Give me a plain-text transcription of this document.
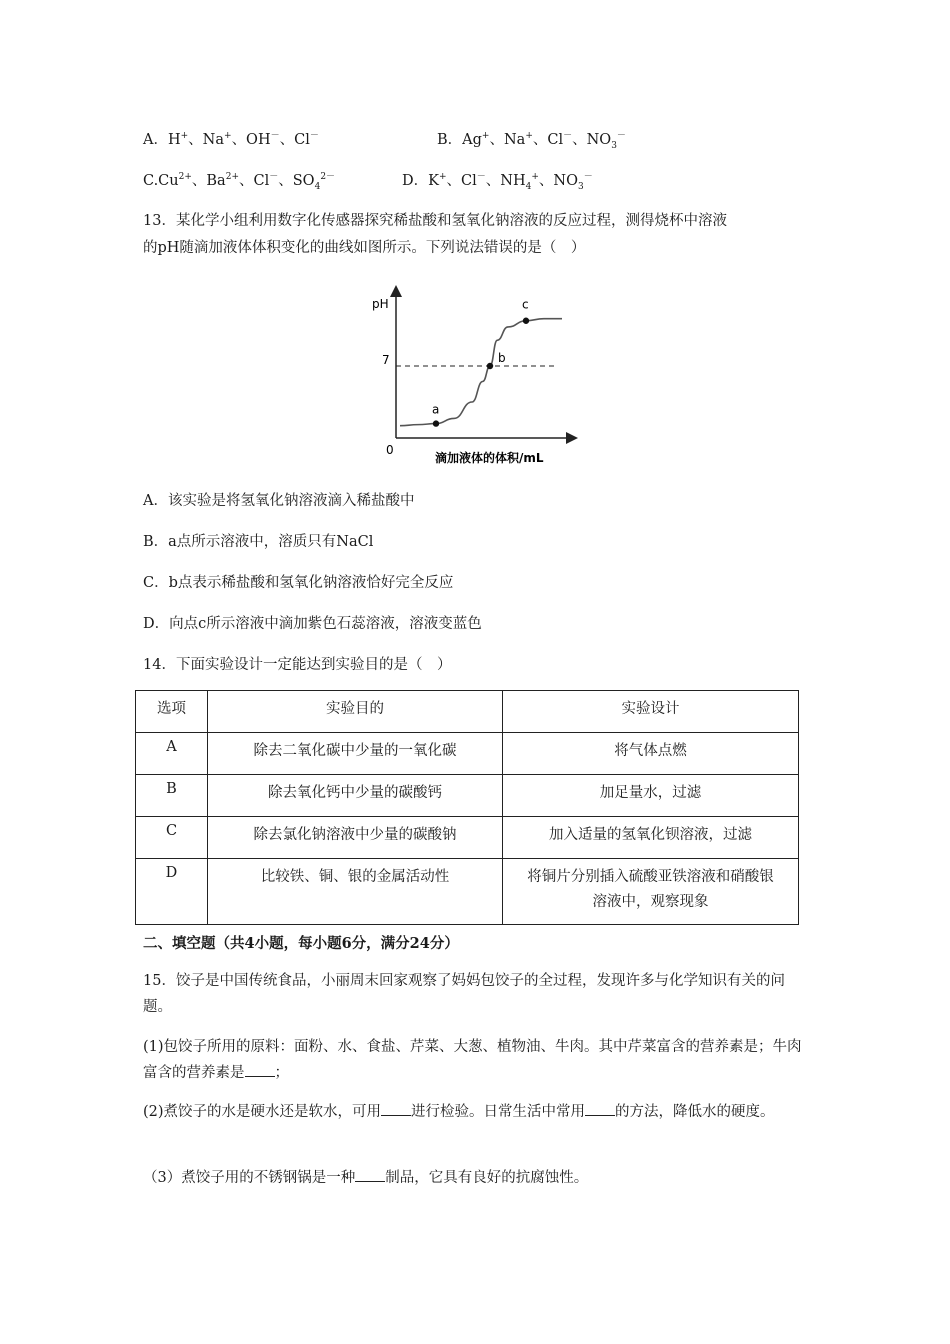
A．H+、Na+、OH－、Cl－	B．Ag+、Na+、Cl－、$NO_3^-$
$C.Cu^{2+}$、$Ba^{2+}$、Cl－、$SO_4^{2-}$	D．K+、Cl－、$NH_4^+$、$NO_3^-$
13．某化学小组利用数字化传感器探究稀盐酸和氢氧化钠溶液的反应过程，测得烧杯中溶液
的pH随滴加液体体积变化的曲线如图所示。下列说法错误的是（　）
pH
7
0
滴加液体的体积/mL
a
b
c
A．该实验是将氢氧化钠溶液滴入稀盐酸中
B．a点所示溶液中，溶质只有NaCl
C．b点表示稀盐酸和氢氧化钠溶液恰好完全反应
D．向点c所示溶液中滴加紫色石蕊溶液，溶液变蓝色
14．下面实验设计一定能达到实验目的是（　）
选项	实验目的	实验设计
A	除去二氧化碳中少量的一氧化碳	将气体点燃
B	除去氧化钙中少量的碳酸钙	加足量水，过滤
C	除去氯化钠溶液中少量的碳酸钠	加入适量的氢氧化钡溶液，过滤
D	比较铁、铜、银的金属活动性	将铜片分别插入硫酸亚铁溶液和硝酸银溶液中，观察现象
二、填空题（共4小题，每小题6分，满分24分）
15．饺子是中国传统食品，小丽周末回家观察了妈妈包饺子的全过程，发现许多与化学知识有关的问题。
(1)包饺子所用的原料：面粉、水、食盐、芹菜、大葱、植物油、牛肉。其中芹菜富含的营养素是；牛肉富含的营养素是 ；
(2)煮饺子的水是硬水还是软水，可用 进行检验。日常生活中常用 的方法，降低水的硬度。
（3）煮饺子用的不锈钢锅是一种 制品，它具有良好的抗腐蚀性。
